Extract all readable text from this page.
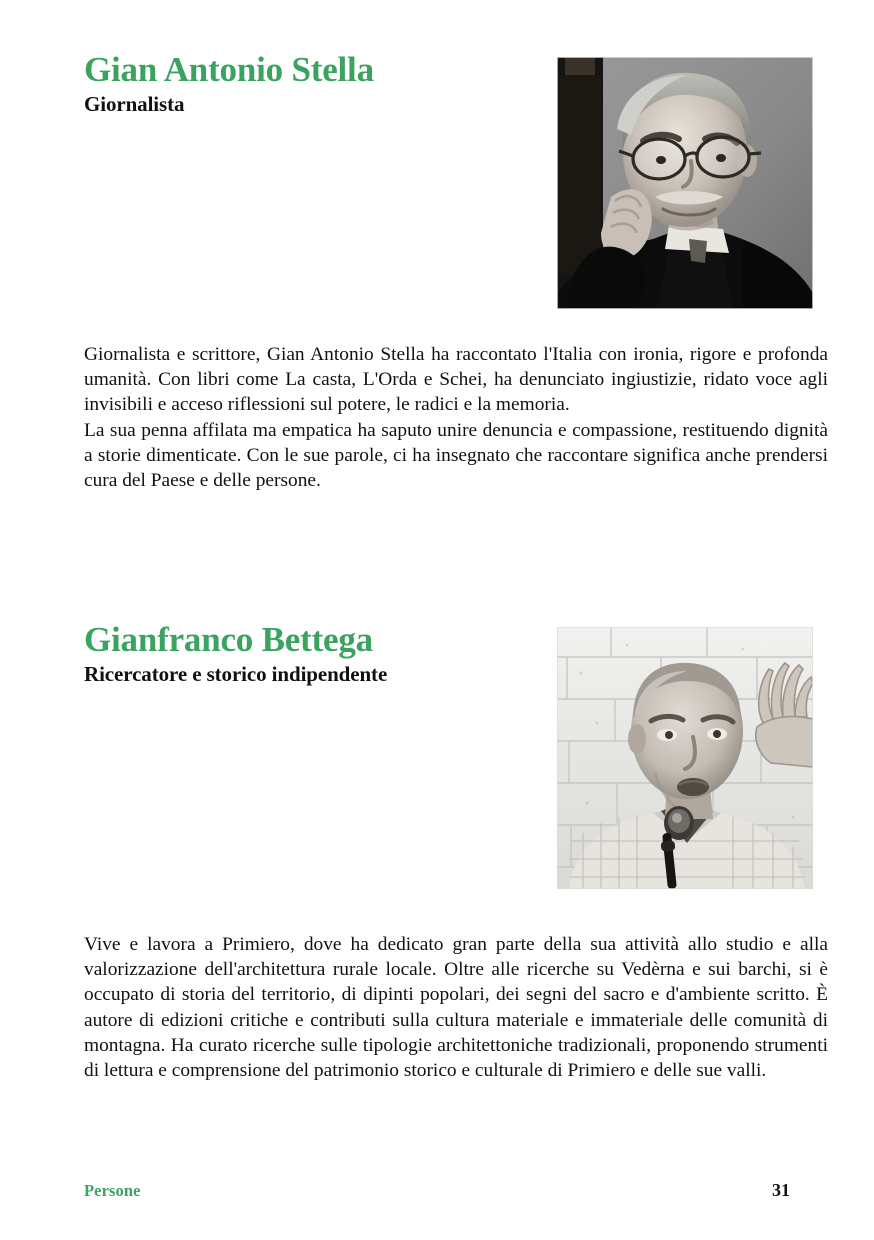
Gian Antonio Stella
Giornalista

Giornalista e scrittore, Gian Antonio Stella ha raccontato l'Italia con ironia, rigore e profonda umanità. Con libri come La casta, L'Orda e Schei, ha denunciato ingiustizie, ridato voce agli invisibili e acceso riflessioni sul potere, le radici e la memoria.

La sua penna affilata ma empatica ha saputo unire denuncia e compassione, restituendo dignità a storie dimenticate. Con le sue parole, ci ha insegnato che raccontare significa anche prendersi cura del Paese e delle persone.

Gianfranco Bettega
Ricercatore e storico indipendente

Vive e lavora a Primiero, dove ha dedicato gran parte della sua attività allo studio e alla valorizzazione dell'architettura rurale locale. Oltre alle ricerche su Vedèrna e sui barchi, si è occupato di storia del territorio, di dipinti popolari, dei segni del sacro e d'ambiente scritto. È autore di edizioni critiche e contributi sulla cultura materiale e immateriale delle comunità di montagna. Ha curato ricerche sulle tipologie architettoniche tradizionali, proponendo strumenti di lettura e comprensione del patrimonio storico e culturale di Primiero e delle sue valli.

Persone	31
